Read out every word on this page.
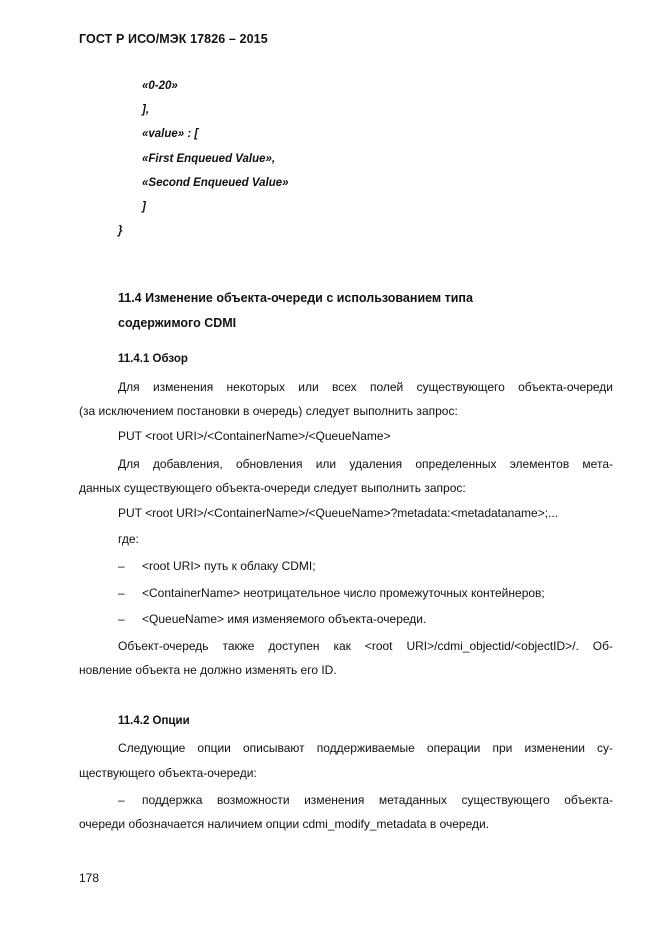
ГОСТ Р ИСО/МЭК 17826 – 2015
«0-20»
],
«value» : [
«First Enqueued Value»,
«Second Enqueued Value»
]
}
11.4 Изменение объекта-очереди с использованием типа
содержимого CDMI
11.4.1 Обзор
Для изменения некоторых или всех полей существующего объекта-очереди
(за исключением постановки в очередь) следует выполнить запрос:
PUT <root URI>/<ContainerName>/<QueueName>
Для добавления, обновления или удаления определенных элементов мета-
данных существующего объекта-очереди следует выполнить запрос:
PUT <root URI>/<ContainerName>/<QueueName>?metadata:<metadataname>;...
где:
– <root URI> путь к облаку CDMI;
– <ContainerName> неотрицательное число промежуточных контейнеров;
– <QueueName> имя изменяемого объекта-очереди.
Объект-очередь также доступен как <root URI>/cdmi_objectid/<objectID>/. Об-
новление объекта не должно изменять его ID.
11.4.2 Опции
Следующие опции описывают поддерживаемые операции при изменении су-
ществующего объекта-очереди:
– поддержка возможности изменения метаданных существующего объекта-
очереди обозначается наличием опции cdmi_modify_metadata в очереди.
178
